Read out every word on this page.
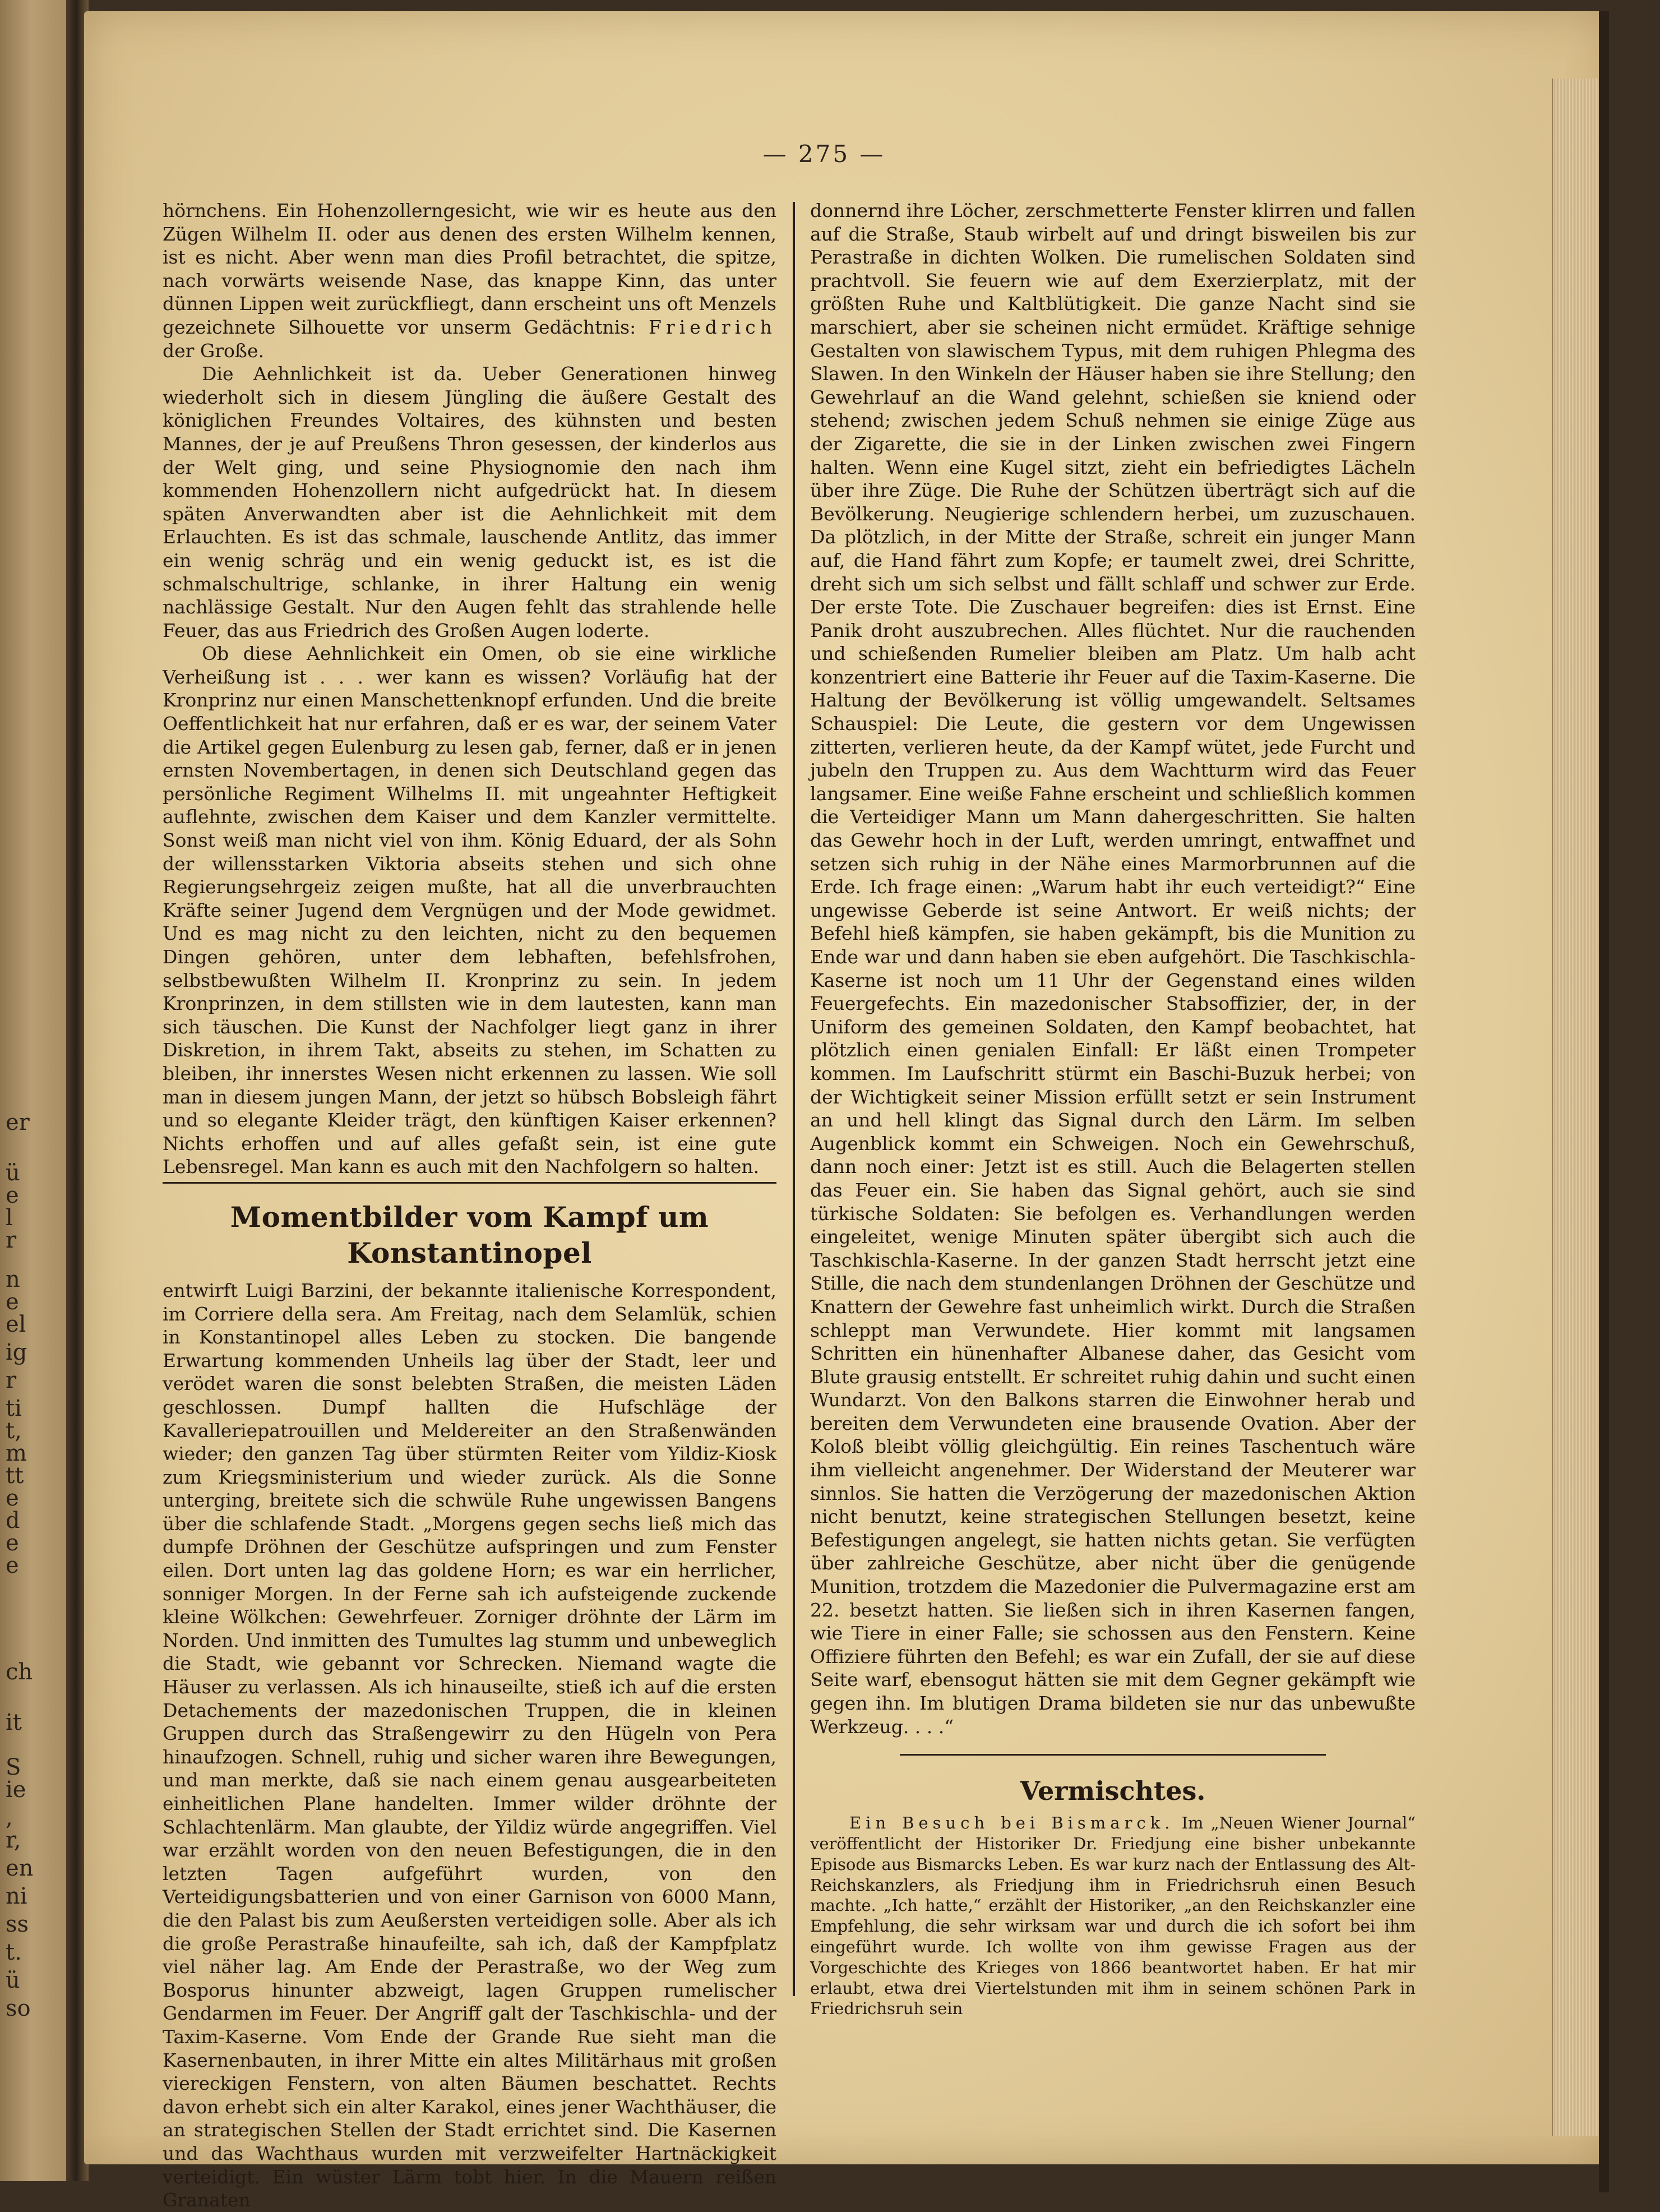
er
ü
e
l
r
n
e
el
ig
r
ti
t,
m
tt
e
d
e
e
ch
it
S
ie
,
r,
en
ni
ss
t.
ü
so
— 275 —

hörnchens. Ein Hohenzollerngesicht, wie wir es heute aus den Zügen Wilhelm II. oder aus denen des ersten Wilhelm kennen, ist es nicht. Aber wenn man dies Profil betrachtet, die spitze, nach vorwärts weisende Nase, das knappe Kinn, das unter dünnen Lippen weit zurückfliegt, dann erscheint uns oft Menzels gezeichnete Silhouette vor unserm Gedächtnis: Friedrich der Große.

Die Aehnlichkeit ist da. Ueber Generationen hinweg wiederholt sich in diesem Jüngling die äußere Gestalt des königlichen Freundes Voltaires, des kühnsten und besten Mannes, der je auf Preußens Thron gesessen, der kinderlos aus der Welt ging, und seine Physiognomie den nach ihm kommenden Hohenzollern nicht aufgedrückt hat. In diesem späten Anverwandten aber ist die Aehnlichkeit mit dem Erlauchten. Es ist das schmale, lauschende Antlitz, das immer ein wenig schräg und ein wenig geduckt ist, es ist die schmalschultrige, schlanke, in ihrer Haltung ein wenig nachlässige Gestalt. Nur den Augen fehlt das strahlende helle Feuer, das aus Friedrich des Großen Augen loderte.

Ob diese Aehnlichkeit ein Omen, ob sie eine wirkliche Verheißung ist . . . wer kann es wissen? Vorläufig hat der Kronprinz nur einen Manschettenknopf erfunden. Und die breite Oeffentlichkeit hat nur erfahren, daß er es war, der seinem Vater die Artikel gegen Eulenburg zu lesen gab, ferner, daß er in jenen ernsten Novembertagen, in denen sich Deutschland gegen das persönliche Regiment Wilhelms II. mit ungeahnter Heftigkeit auflehnte, zwischen dem Kaiser und dem Kanzler vermittelte. Sonst weiß man nicht viel von ihm. König Eduard, der als Sohn der willensstarken Viktoria abseits stehen und sich ohne Regierungsehrgeiz zeigen mußte, hat all die unverbrauchten Kräfte seiner Jugend dem Vergnügen und der Mode gewidmet. Und es mag nicht zu den leichten, nicht zu den bequemen Dingen gehören, unter dem lebhaften, befehlsfrohen, selbstbewußten Wilhelm II. Kronprinz zu sein. In jedem Kronprinzen, in dem stillsten wie in dem lautesten, kann man sich täuschen. Die Kunst der Nachfolger liegt ganz in ihrer Diskretion, in ihrem Takt, abseits zu stehen, im Schatten zu bleiben, ihr innerstes Wesen nicht erkennen zu lassen. Wie soll man in diesem jungen Mann, der jetzt so hübsch Bobsleigh fährt und so elegante Kleider trägt, den künftigen Kaiser erkennen? Nichts erhoffen und auf alles gefaßt sein, ist eine gute Lebensregel. Man kann es auch mit den Nachfolgern so halten.

Momentbilder vom Kampf um Konstantinopel

entwirft Luigi Barzini, der bekannte italienische Korrespondent, im Corriere della sera. Am Freitag, nach dem Selamlük, schien in Konstantinopel alles Leben zu stocken. Die bangende Erwartung kommenden Unheils lag über der Stadt, leer und verödet waren die sonst belebten Straßen, die meisten Läden geschlossen. Dumpf hallten die Hufschläge der Kavalleriepatrouillen und Meldereiter an den Straßenwänden wieder; den ganzen Tag über stürmten Reiter vom Yildiz-Kiosk zum Kriegsministerium und wieder zurück. Als die Sonne unterging, breitete sich die schwüle Ruhe ungewissen Bangens über die schlafende Stadt. „Morgens gegen sechs ließ mich das dumpfe Dröhnen der Geschütze aufspringen und zum Fenster eilen. Dort unten lag das goldene Horn; es war ein herrlicher, sonniger Morgen. In der Ferne sah ich aufsteigende zuckende kleine Wölkchen: Gewehrfeuer. Zorniger dröhnte der Lärm im Norden. Und inmitten des Tumultes lag stumm und unbeweglich die Stadt, wie gebannt vor Schrecken. Niemand wagte die Häuser zu verlassen. Als ich hinauseilte, stieß ich auf die ersten Detachements der mazedonischen Truppen, die in kleinen Gruppen durch das Straßengewirr zu den Hügeln von Pera hinaufzogen. Schnell, ruhig und sicher waren ihre Bewegungen, und man merkte, daß sie nach einem genau ausgearbeiteten einheitlichen Plane handelten. Immer wilder dröhnte der Schlachtenlärm. Man glaubte, der Yildiz würde angegriffen. Viel war erzählt worden von den neuen Befestigungen, die in den letzten Tagen aufgeführt wurden, von den Verteidigungsbatterien und von einer Garnison von 6000 Mann, die den Palast bis zum Aeußersten verteidigen solle. Aber als ich die große Perastraße hinaufeilte, sah ich, daß der Kampfplatz viel näher lag. Am Ende der Perastraße, wo der Weg zum Bosporus hinunter abzweigt, lagen Gruppen rumelischer Gendarmen im Feuer. Der Angriff galt der Taschkischla- und der Taxim-Kaserne. Vom Ende der Grande Rue sieht man die Kasernenbauten, in ihrer Mitte ein altes Militärhaus mit großen viereckigen Fenstern, von alten Bäumen beschattet. Rechts davon erhebt sich ein alter Karakol, eines jener Wachthäuser, die an strategischen Stellen der Stadt errichtet sind. Die Kasernen und das Wachthaus wurden mit verzweifelter Hartnäckigkeit verteidigt. Ein wüster Lärm tobt hier. In die Mauern reißen Granaten

donnernd ihre Löcher, zerschmetterte Fenster klirren und fallen auf die Straße, Staub wirbelt auf und dringt bisweilen bis zur Perastraße in dichten Wolken. Die rumelischen Soldaten sind prachtvoll. Sie feuern wie auf dem Exerzierplatz, mit der größten Ruhe und Kaltblütigkeit. Die ganze Nacht sind sie marschiert, aber sie scheinen nicht ermüdet. Kräftige sehnige Gestalten von slawischem Typus, mit dem ruhigen Phlegma des Slawen. In den Winkeln der Häuser haben sie ihre Stellung; den Gewehrlauf an die Wand gelehnt, schießen sie kniend oder stehend; zwischen jedem Schuß nehmen sie einige Züge aus der Zigarette, die sie in der Linken zwischen zwei Fingern halten. Wenn eine Kugel sitzt, zieht ein befriedigtes Lächeln über ihre Züge. Die Ruhe der Schützen überträgt sich auf die Bevölkerung. Neugierige schlendern herbei, um zuzuschauen. Da plötzlich, in der Mitte der Straße, schreit ein junger Mann auf, die Hand fährt zum Kopfe; er taumelt zwei, drei Schritte, dreht sich um sich selbst und fällt schlaff und schwer zur Erde. Der erste Tote. Die Zuschauer begreifen: dies ist Ernst. Eine Panik droht auszubrechen. Alles flüchtet. Nur die rauchenden und schießenden Rumelier bleiben am Platz. Um halb acht konzentriert eine Batterie ihr Feuer auf die Taxim-Kaserne. Die Haltung der Bevölkerung ist völlig umgewandelt. Seltsames Schauspiel: Die Leute, die gestern vor dem Ungewissen zitterten, verlieren heute, da der Kampf wütet, jede Furcht und jubeln den Truppen zu. Aus dem Wachtturm wird das Feuer langsamer. Eine weiße Fahne erscheint und schließlich kommen die Verteidiger Mann um Mann dahergeschritten. Sie halten das Gewehr hoch in der Luft, werden umringt, entwaffnet und setzen sich ruhig in der Nähe eines Marmorbrunnen auf die Erde. Ich frage einen: „Warum habt ihr euch verteidigt?“ Eine ungewisse Geberde ist seine Antwort. Er weiß nichts; der Befehl hieß kämpfen, sie haben gekämpft, bis die Munition zu Ende war und dann haben sie eben aufgehört. Die Taschkischla-Kaserne ist noch um 11 Uhr der Gegenstand eines wilden Feuergefechts. Ein mazedonischer Stabsoffizier, der, in der Uniform des gemeinen Soldaten, den Kampf beobachtet, hat plötzlich einen genialen Einfall: Er läßt einen Trompeter kommen. Im Laufschritt stürmt ein Baschi-Buzuk herbei; von der Wichtigkeit seiner Mission erfüllt setzt er sein Instrument an und hell klingt das Signal durch den Lärm. Im selben Augenblick kommt ein Schweigen. Noch ein Gewehrschuß, dann noch einer: Jetzt ist es still. Auch die Belagerten stellen das Feuer ein. Sie haben das Signal gehört, auch sie sind türkische Soldaten: Sie befolgen es. Verhandlungen werden eingeleitet, wenige Minuten später übergibt sich auch die Taschkischla-Kaserne. In der ganzen Stadt herrscht jetzt eine Stille, die nach dem stundenlangen Dröhnen der Geschütze und Knattern der Gewehre fast unheimlich wirkt. Durch die Straßen schleppt man Verwundete. Hier kommt mit langsamen Schritten ein hünenhafter Albanese daher, das Gesicht vom Blute grausig entstellt. Er schreitet ruhig dahin und sucht einen Wundarzt. Von den Balkons starren die Einwohner herab und bereiten dem Verwundeten eine brausende Ovation. Aber der Koloß bleibt völlig gleichgültig. Ein reines Taschentuch wäre ihm vielleicht angenehmer. Der Widerstand der Meuterer war sinnlos. Sie hatten die Verzögerung der mazedonischen Aktion nicht benutzt, keine strategischen Stellungen besetzt, keine Befestigungen angelegt, sie hatten nichts getan. Sie verfügten über zahlreiche Geschütze, aber nicht über die genügende Munition, trotzdem die Mazedonier die Pulvermagazine erst am 22. besetzt hatten. Sie ließen sich in ihren Kasernen fangen, wie Tiere in einer Falle; sie schossen aus den Fenstern. Keine Offiziere führten den Befehl; es war ein Zufall, der sie auf diese Seite warf, ebensogut hätten sie mit dem Gegner gekämpft wie gegen ihn. Im blutigen Drama bildeten sie nur das unbewußte Werkzeug. . . .“

Vermischtes.

Ein Besuch bei Bismarck. Im „Neuen Wiener Journal“ veröffentlicht der Historiker Dr. Friedjung eine bisher unbekannte Episode aus Bismarcks Leben. Es war kurz nach der Entlassung des Alt-Reichskanzlers, als Friedjung ihm in Friedrichsruh einen Besuch machte. „Ich hatte,“ erzählt der Historiker, „an den Reichskanzler eine Empfehlung, die sehr wirksam war und durch die ich sofort bei ihm eingeführt wurde. Ich wollte von ihm gewisse Fragen aus der Vorgeschichte des Krieges von 1866 beantwortet haben. Er hat mir erlaubt, etwa drei Viertelstunden mit ihm in seinem schönen Park in Friedrichsruh sein
